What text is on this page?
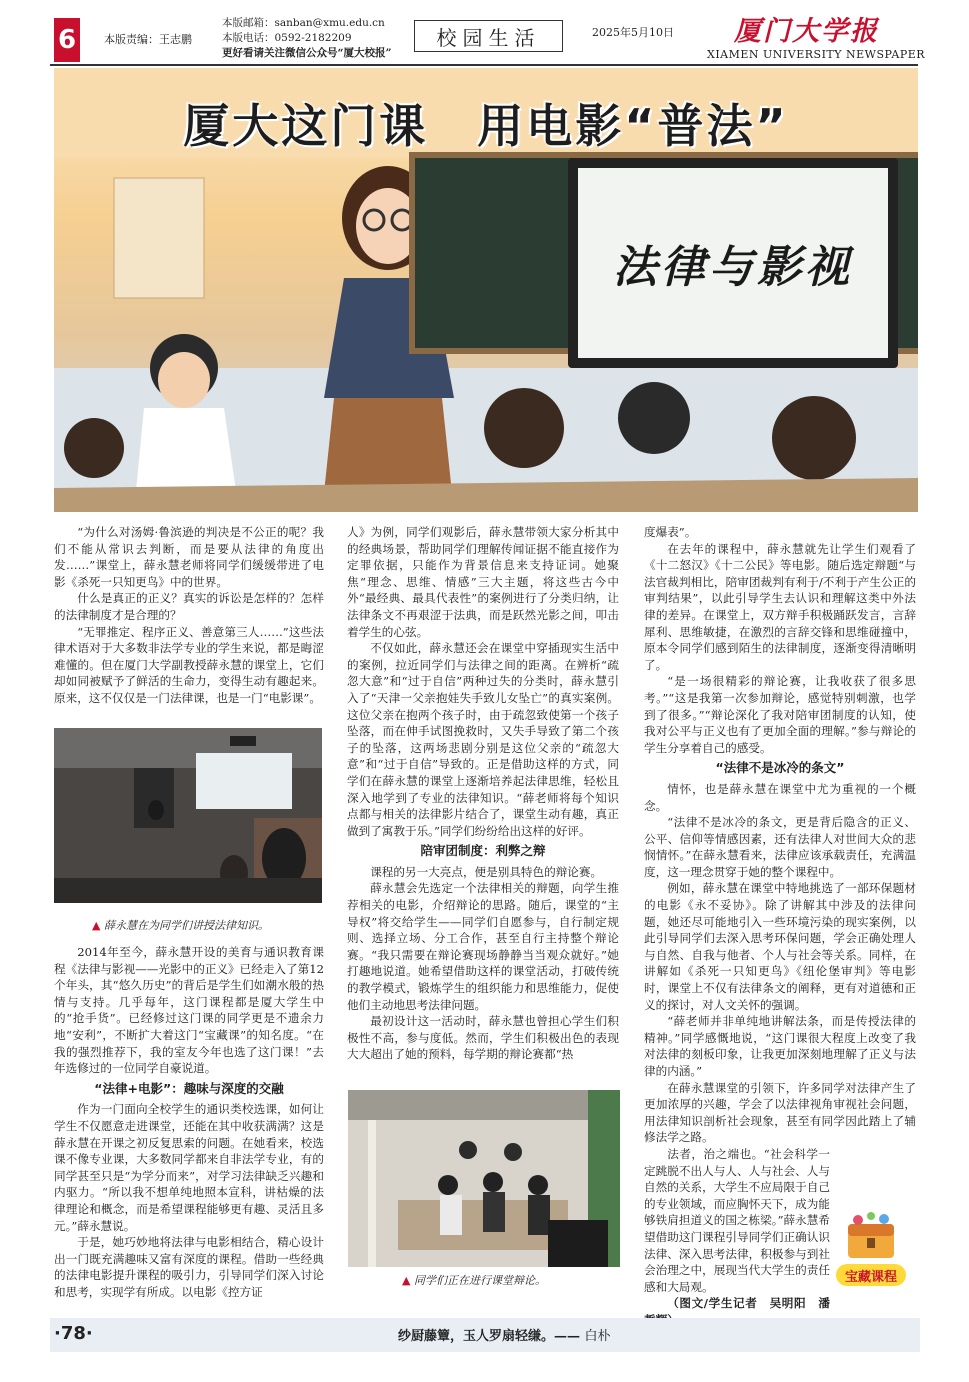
6	本版责编：王志鹏
本版邮箱：sanban@xmu.edu.cn
本版电话：0592-2182209
更好看请关注微信公众号“厦大校报”
校园生活	2025年5月10日 厦门大学报
XIAMEN UNIVERSITY NEWSPAPER
法律与影视
厦大这门课　用电影“普法”

“为什么对汤姆·鲁滨逊的判决是不公正的呢？我们不能从常识去判断，而是要从法律的角度出发……”课堂上，薛永慧老师将同学们缓缓带进了电影《杀死一只知更鸟》中的世界。

什么是真正的正义？真实的诉讼是怎样的？怎样的法律制度才是合理的？

“无罪推定、程序正义、善意第三人……”这些法律术语对于大多数非法学专业的学生来说，都是晦涩难懂的。但在厦门大学副教授薛永慧的课堂上，它们却如同被赋予了鲜活的生命力，变得生动有趣起来。原来，这不仅仅是一门法律课，也是一门“电影课”。

▲ 薛永慧在为同学们讲授法律知识。

2014年至今，薛永慧开设的美育与通识教育课程《法律与影视——光影中的正义》已经走入了第12个年头，其“悠久历史”的背后是学生们如潮水般的热情与支持。几乎每年，这门课程都是厦大学生中的“抢手货”。已经修过这门课的同学更是不遗余力地“安利”，不断扩大着这门“宝藏课”的知名度。“在我的强烈推荐下，我的室友今年也选了这门课！”去年选修过的一位同学自豪说道。

“法律+电影”：趣味与深度的交融

作为一门面向全校学生的通识类校选课，如何让学生不仅愿意走进课堂，还能在其中收获满满？这是薛永慧在开课之初反复思索的问题。在她看来，校选课不像专业课，大多数同学都来自非法学专业，有的同学甚至只是“为学分而来”，对学习法律缺乏兴趣和内驱力。“所以我不想单纯地照本宣科，讲枯燥的法律理论和概念，而是希望课程能够更有趣、灵活且多元。”薛永慧说。

于是，她巧妙地将法律与电影相结合，精心设计出一门既充满趣味又富有深度的课程。借助一些经典的法律电影提升课程的吸引力，引导同学们深入讨论和思考，实现学有所成。以电影《控方证

人》为例，同学们观影后，薛永慧带领大家分析其中的经典场景，帮助同学们理解传闻证据不能直接作为定罪依据，只能作为背景信息来支持证词。她聚焦“理念、思维、情感”三大主题，将这些古今中外“最经典、最具代表性”的案例进行了分类归纳，让法律条文不再艰涩于法典，而是跃然光影之间，叩击着学生的心弦。

不仅如此，薛永慧还会在课堂中穿插现实生活中的案例，拉近同学们与法律之间的距离。在辨析“疏忽大意”和“过于自信”两种过失的分类时，薛永慧引入了“天津一父亲抱娃失手致儿女坠亡”的真实案例。这位父亲在抱两个孩子时，由于疏忽致使第一个孩子坠落，而在伸手试图挽救时，又失手导致了第二个孩子的坠落，这两场悲剧分别是这位父亲的“疏忽大意”和“过于自信”导致的。正是借助这样的方式，同学们在薛永慧的课堂上逐渐培养起法律思维，轻松且深入地学到了专业的法律知识。“薛老师将每个知识点都与相关的法律影片结合了，课堂生动有趣，真正做到了寓教于乐。”同学们纷纷给出这样的好评。

陪审团制度：利弊之辩

课程的另一大亮点，便是别具特色的辩论赛。

薛永慧会先选定一个法律相关的辩题，向学生推荐相关的电影，介绍辩论的思路。随后，课堂的“主导权”将交给学生——同学们自愿参与，自行制定规则、选择立场、分工合作，甚至自行主持整个辩论赛。“我只需要在辩论赛现场静静当当观众就好。”她打趣地说道。她希望借助这样的课堂活动，打破传统的教学模式，锻炼学生的组织能力和思维能力，促使他们主动地思考法律问题。

最初设计这一活动时，薛永慧也曾担心学生们积极性不高，参与度低。然而，学生们积极出色的表现大大超出了她的预料，每学期的辩论赛都“热

▲ 同学们正在进行课堂辩论。

度爆表”。

在去年的课程中，薛永慧就先让学生们观看了《十二怒汉》《十二公民》等电影。随后选定辩题“与法官裁判相比，陪审团裁判有利于/不利于产生公正的审判结果”，以此引导学生去认识和理解这类中外法律的差异。在课堂上，双方辩手积极踊跃发言，言辞犀利、思维敏捷，在激烈的言辞交锋和思维碰撞中，原本令同学们感到陌生的法律制度，逐渐变得清晰明了。

“是一场很精彩的辩论赛，让我收获了很多思考。”“这是我第一次参加辩论，感觉特别刺激，也学到了很多。”“辩论深化了我对陪审团制度的认知，使我对公平与正义也有了更加全面的理解。”参与辩论的学生分享着自己的感受。

“法律不是冰冷的条文”

情怀，也是薛永慧在课堂中尤为重视的一个概念。

“法律不是冰冷的条文，更是背后隐含的正义、公平、信仰等情感因素，还有法律人对世间大众的悲悯情怀。”在薛永慧看来，法律应该承载责任，充满温度，这一理念贯穿于她的整个课程中。

例如，薛永慧在课堂中特地挑选了一部环保题材的电影《永不妥协》。除了讲解其中涉及的法律问题，她还尽可能地引入一些环境污染的现实案例，以此引导同学们去深入思考环保问题，学会正确处理人与自然、自我与他者、个人与社会等关系。同样，在讲解如《杀死一只知更鸟》《纽伦堡审判》等电影时，课堂上不仅有法律条文的阐释，更有对道德和正义的探讨，对人文关怀的强调。

“薛老师并非单纯地讲解法条，而是传授法律的精神。”同学感慨地说，“这门课很大程度上改变了我对法律的刻板印象，让我更加深刻地理解了正义与法律的内涵。”

在薛永慧课堂的引领下，许多同学对法律产生了更加浓厚的兴趣，学会了以法律视角审视社会问题，用法律知识剖析社会现象，甚至有同学因此踏上了辅修法学之路。

法者，治之端也。“社会科学一定跳脱不出人与人、人与社会、人与自然的关系，大学生不应局限于自己的专业领域，而应胸怀天下，成为能够铁肩担道义的国之栋梁。”薛永慧希望借助这门课程引导同学们正确认识法律、深入思考法律，积极参与到社会治理之中，展现当代大学生的责任感和大局观。

（图文/学生记者　吴明阳　潘

宝藏课程
·78·	纱厨藤簟，玉人罗扇轻缣。—— 白朴
